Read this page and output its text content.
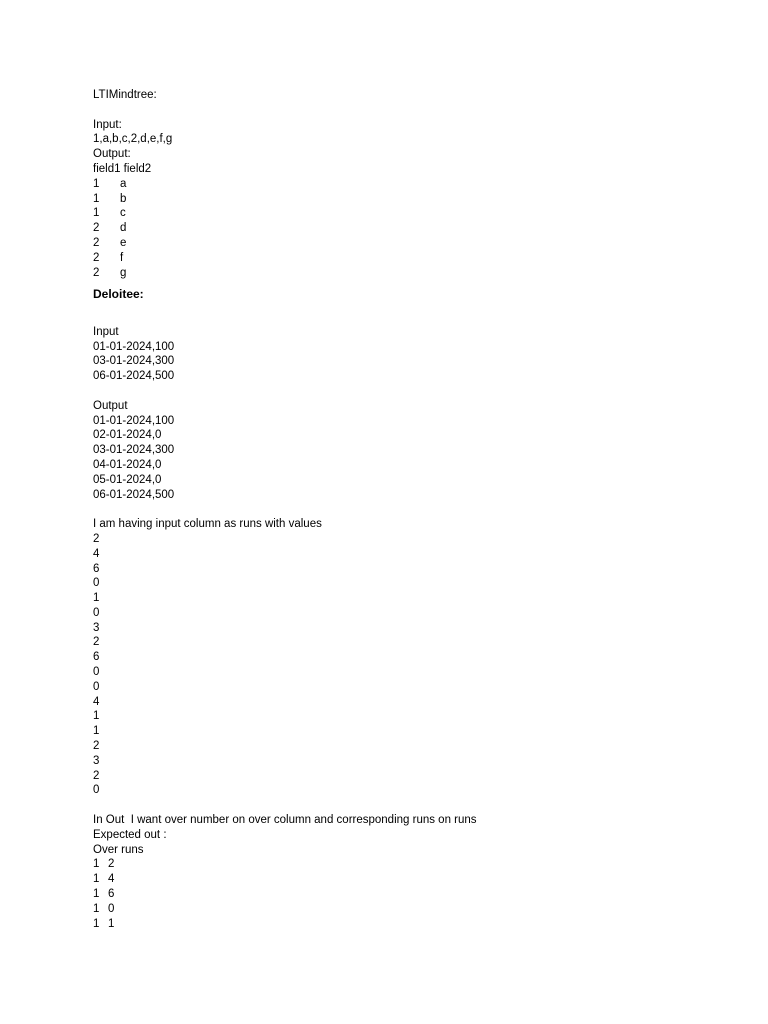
LTIMindtree:
Input:
1,a,b,c,2,d,e,f,g
Output:
field1 field2
1 a
1 b
1 c
2 d
2 e
2 f
2 g
Deloitee:
Input
01-01-2024,100
03-01-2024,300
06-01-2024,500
Output
01-01-2024,100
02-01-2024,0
03-01-2024,300
04-01-2024,0
05-01-2024,0
06-01-2024,500
I am having input column as runs with values
2
4
6
0
1
0
3
2
6
0
0
4
1
1
2
3
2
0
In Out  I want over number on over column and corresponding runs on runs
Expected out :
Over runs
1 2
1 4
1 6
1 0
1 1
